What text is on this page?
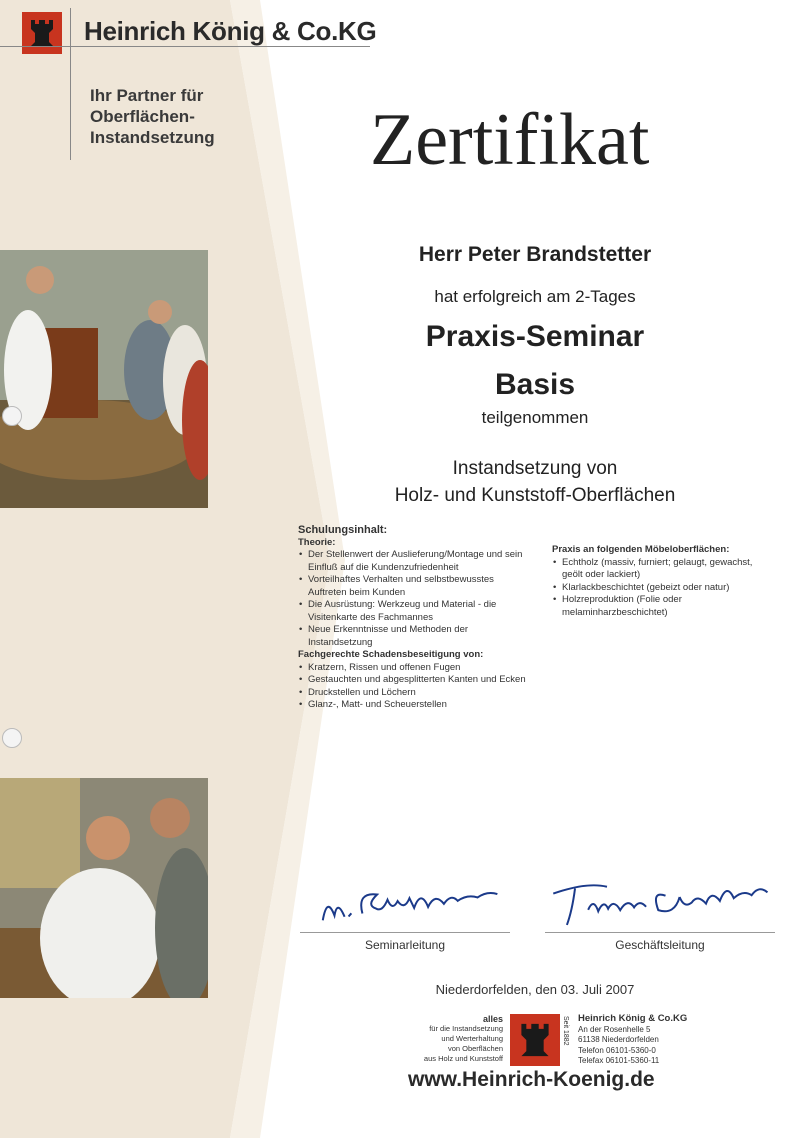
Heinrich König & Co.KG
Ihr Partner für
Oberflächen-
Instandsetzung	Zertifikat
Herr Peter Brandstetter
hat erfolgreich am 2-Tages
Praxis-Seminar
Basis
teilgenommen
Instandsetzung von
Holz- und Kunststoff-Oberflächen
Schulungsinhalt:
Theorie:
• Der Stellenwert der Auslieferung/Montage und sein Einfluß auf die Kundenzufriedenheit
• Vorteilhaftes Verhalten und selbstbewusstes Auftreten beim Kunden
• Die Ausrüstung: Werkzeug und Material - die Visitenkarte des Fachmannes
• Neue Erkenntnisse und Methoden der Instandsetzung
Fachgerechte Schadensbeseitigung von:
• Kratzern, Rissen und offenen Fugen
• Gestauchten und abgesplitterten Kanten und Ecken
• Druckstellen und Löchern
• Glanz-, Matt- und Scheuerstellen
Praxis an folgenden Möbeloberflächen:
• Echtholz (massiv, furniert; gelaugt, gewachst, geölt oder lackiert)
• Klarlackbeschichtet (gebeizt oder natur)
• Holzreproduktion (Folie oder melaminharzbeschichtet)
Seminarleitung	Geschäftsleitung
Niederdorfelden, den 03. Juli 2007
alles
für die Instandsetzung
und Werterhaltung
von Oberflächen
aus Holz und Kunststoff
Seit 1882 Heinrich König & Co.KG
An der Rosenhelle 5
61138 Niederdorfelden
Telefon 06101-5360-0
Telefax 06101-5360-11
www.Heinrich-Koenig.de
